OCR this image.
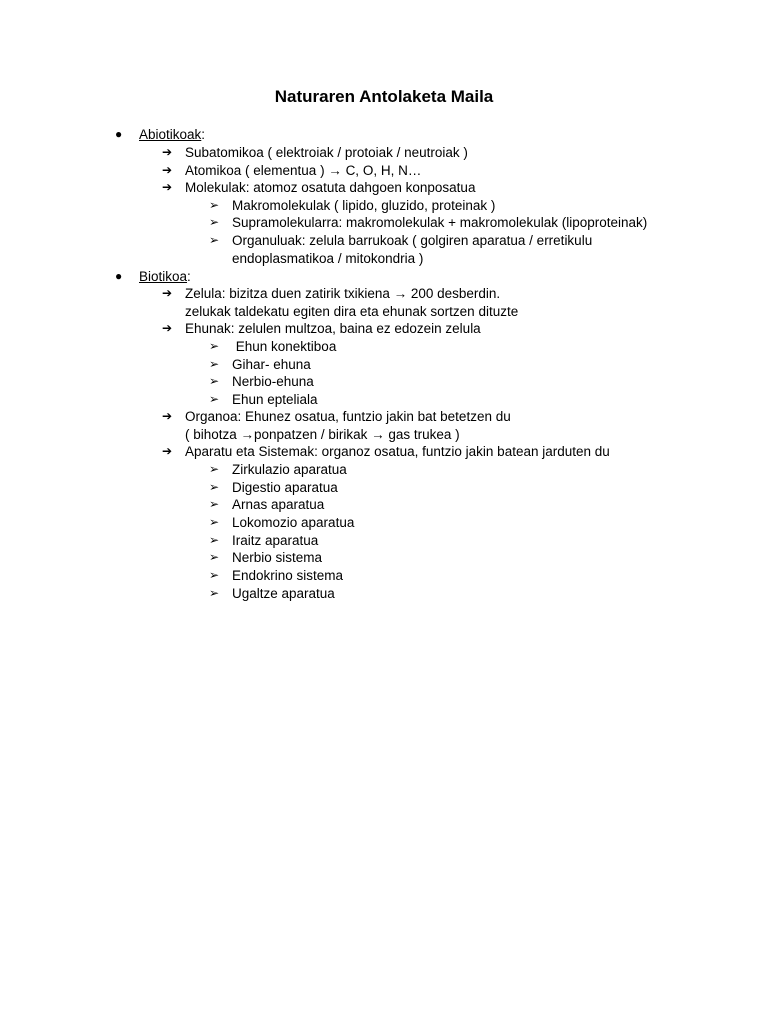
Naturaren Antolaketa Maila
● Abiotikoak:
➔ Subatomikoa ( elektroiak / protoiak / neutroiak )
➔ Atomikoa ( elementua ) → C, O, H, N…
➔ Molekulak: atomoz osatuta dahgoen konposatua
➢ Makromolekulak ( lipido, gluzido, proteinak )
➢ Supramolekularra: makromolekulak + makromolekulak (lipoproteinak)
➢ Organuluak: zelula barrukoak ( golgiren aparatua / erretikulu
endoplasmatikoa / mitokondria )
● Biotikoa:
➔ Zelula: bizitza duen zatirik txikiena → 200 desberdin.
zelukak taldekatu egiten dira eta ehunak sortzen dituzte
➔ Ehunak: zelulen multzoa, baina ez edozein zelula
➢ Ehun konektiboa
➢ Gihar- ehuna
➢ Nerbio-ehuna
➢ Ehun epteliala
➔ Organoa: Ehunez osatua, funtzio jakin bat betetzen du
( bihotza →ponpatzen / birikak → gas trukea )
➔ Aparatu eta Sistemak: organoz osatua, funtzio jakin batean jarduten du
➢ Zirkulazio aparatua
➢ Digestio aparatua
➢ Arnas aparatua
➢ Lokomozio aparatua
➢ Iraitz aparatua
➢ Nerbio sistema
➢ Endokrino sistema
➢ Ugaltze aparatua
